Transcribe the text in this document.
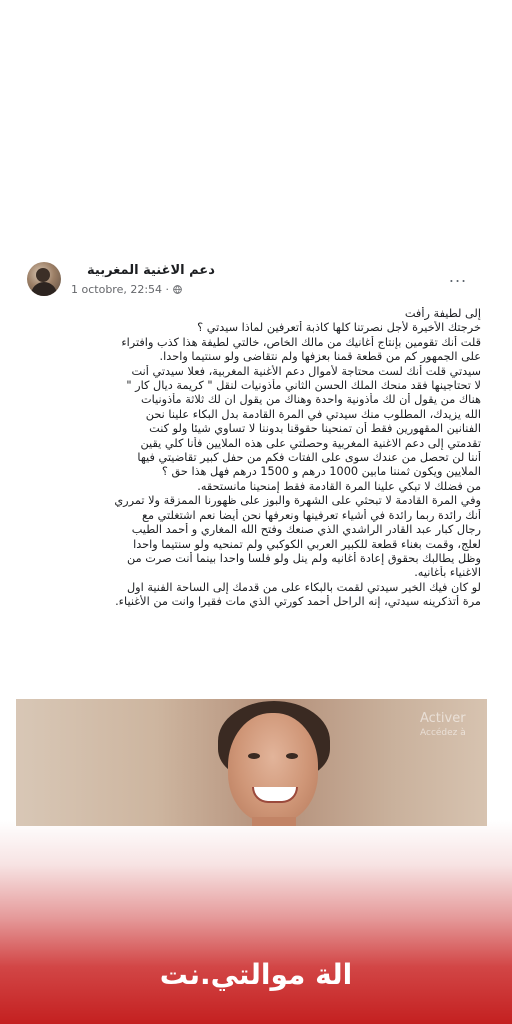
دعم الاغنية المغربية
1 octobre, 22:54 ·
...

إلى لطيفة رأفت

خرجتك الأخيرة لأجل نصرتنا كلها كاذبة أتعرفين لماذا سيدتي ؟

قلت أنك تقومين بإنتاج أغانيك من مالك الخاص، خالتي لطيفة هذا كذب وافتراء

على الجمهور كم من قطعة قمنا بعزفها ولم نتقاضى ولو سنتيما واحدا.

سيدتي قلت أنك لست محتاجة لأموال دعم الأغنية المغربية، فعلا سيدتي أنت

لا تحتاجينها فقد منحك الملك الحسن الثاني مأذونيات لنقل " كريمة ديال كار "

هناك من يقول أن لك مأذونية واحدة وهناك من يقول ان لك ثلاثة مأذونيات

الله يزيدك، المطلوب منك سيدتي في المرة القادمة بدل البكاء علينا نحن

الفنانين المقهورين فقط أن تمنحينا حقوقنا بدوننا لا تساوي شيئا ولو كنت

تقدمتي إلى دعم الاغنية المغربية وحصلتي على هذه الملايين فأنا كلي يقين

أننا لن تحصل من عندك سوى على الفتات فكم من حفل كبير تقاضيتي فيها

الملايين ويكون ثمننا مابين 1000 درهم و 1500 درهم فهل هذا حق ؟

من فضلك لا تبكي علينا المرة القادمة فقط إمنحينا مانستحقه.

وفي المرة القادمة لا تبحثي على الشهرة والبوز على ظهورنا الممزقة ولا تمرري

أنك رائدة ربما رائدة في أشياء تعرفينها ونعرفها نحن أيضا نعم اشتغلتي مع

رجال كبار عبد القادر الراشدي الذي صنعك وفتح الله المغاري و أحمد الطيب

لعلج، وقمت بغناء قطعة للكبير العربي الكوكبي ولم تمنحيه ولو سنتيما واحدا

وظل يطالبك بحقوق إعادة أغانيه ولم ينل ولو فلسا واحدا بينما أنت صرت من

الاغنياء بأغانيه.

لو كان فيك الخير سيدتي لقمت بالبكاء على من قدمك إلى الساحة الفنية اول

مرة أتذكرينه سيدتي، إنه الراحل أحمد كورتي الذي مات فقيرا وانت من الأغنياء.

Activer
Accédez à
ﺍﻟﺔ ﻣﻮﺍﻟﺘﻲ.ﻧﺖ
